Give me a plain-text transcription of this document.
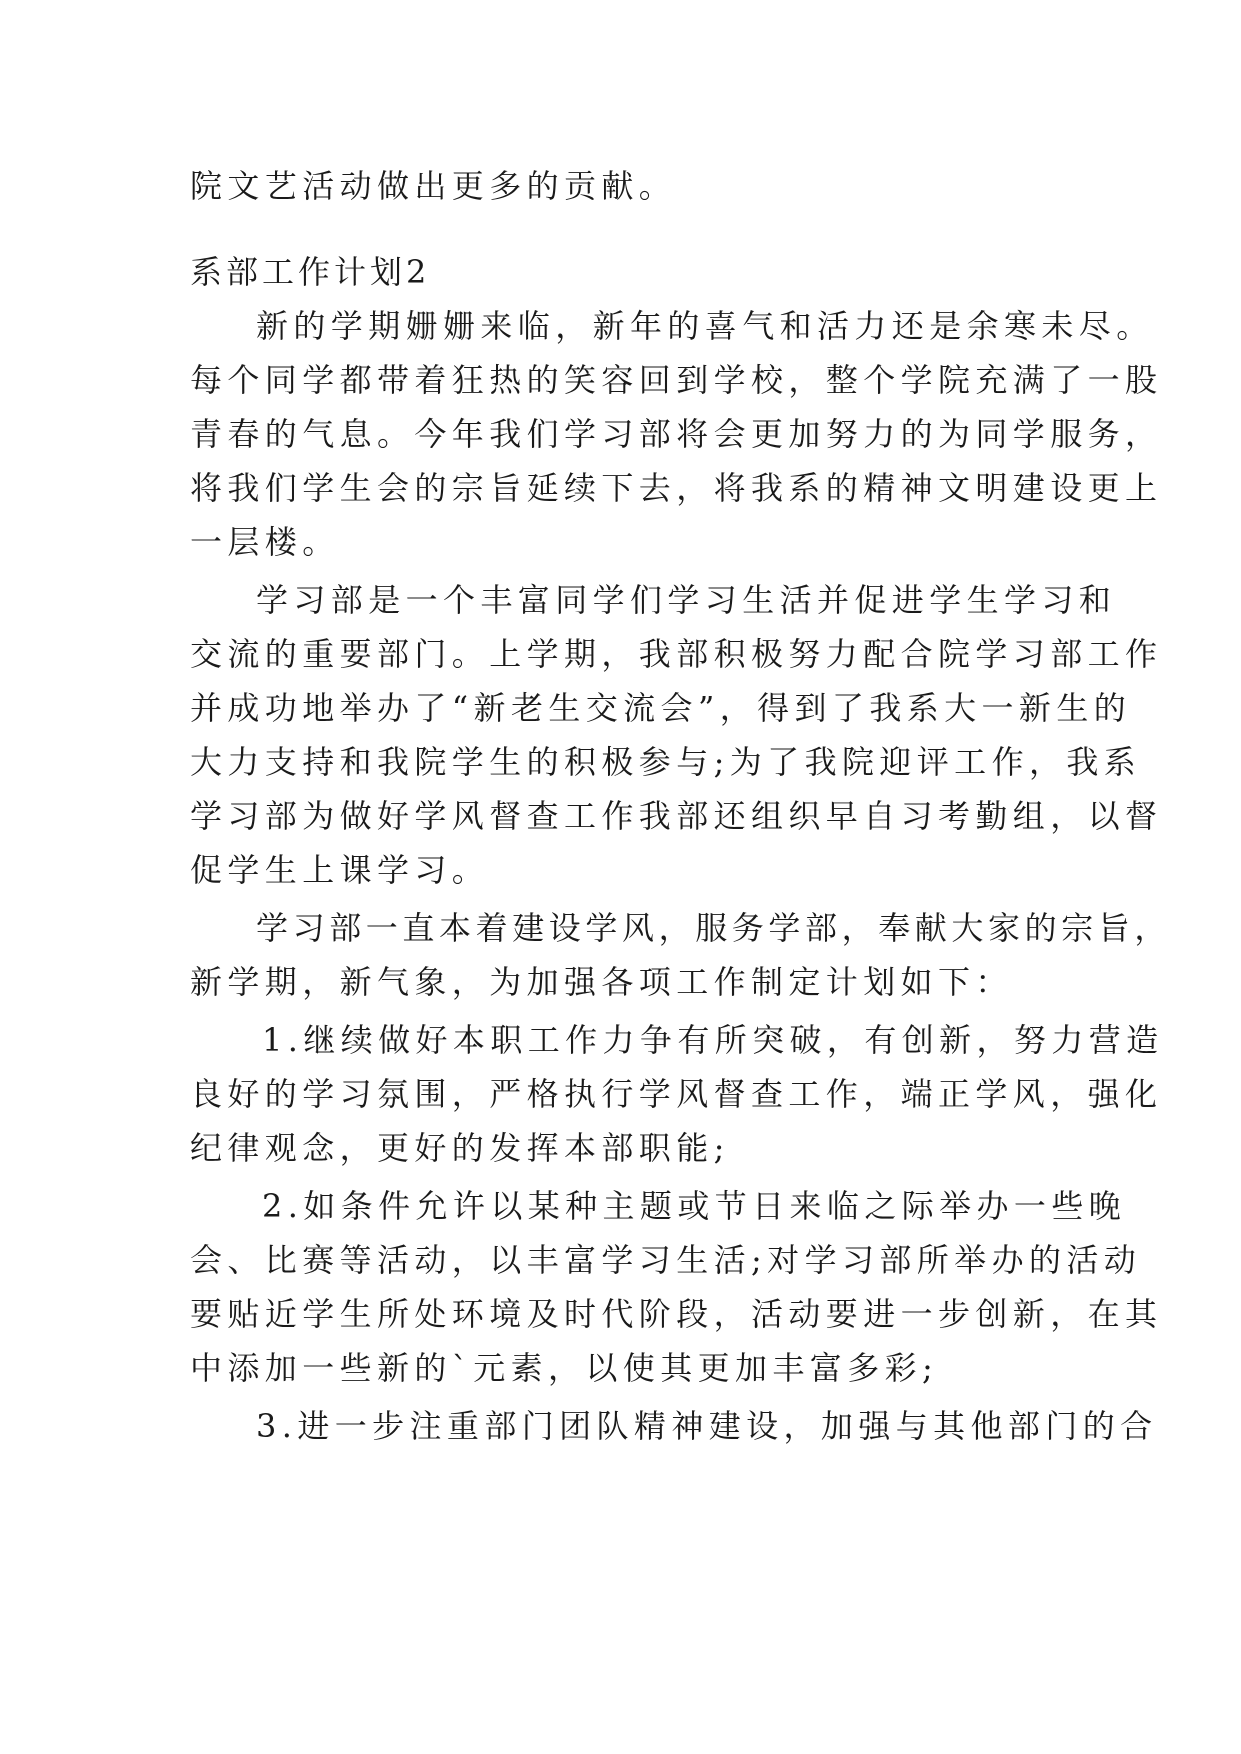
院文艺活动做出更多的贡献。
系部工作计划2
新的学期姗姗来临，新年的喜气和活力还是余寒未尽。
每个同学都带着狂热的笑容回到学校，整个学院充满了一股
青春的气息。今年我们学习部将会更加努力的为同学服务，
将我们学生会的宗旨延续下去，将我系的精神文明建设更上
一层楼。
学习部是一个丰富同学们学习生活并促进学生学习和
交流的重要部门。上学期，我部积极努力配合院学习部工作
并成功地举办了“新老生交流会”，得到了我系大一新生的
大力支持和我院学生的积极参与;为了我院迎评工作，我系
学习部为做好学风督查工作我部还组织早自习考勤组，以督
促学生上课学习。
学习部一直本着建设学风，服务学部，奉献大家的宗旨，
新学期，新气象，为加强各项工作制定计划如下：
1.继续做好本职工作力争有所突破，有创新，努力营造
良好的学习氛围，严格执行学风督查工作，端正学风，强化
纪律观念，更好的发挥本部职能;
2.如条件允许以某种主题或节日来临之际举办一些晚
会、比赛等活动，以丰富学习生活;对学习部所举办的活动
要贴近学生所处环境及时代阶段，活动要进一步创新，在其
中添加一些新的`元素，以使其更加丰富多彩;
3.进一步注重部门团队精神建设，加强与其他部门的合
